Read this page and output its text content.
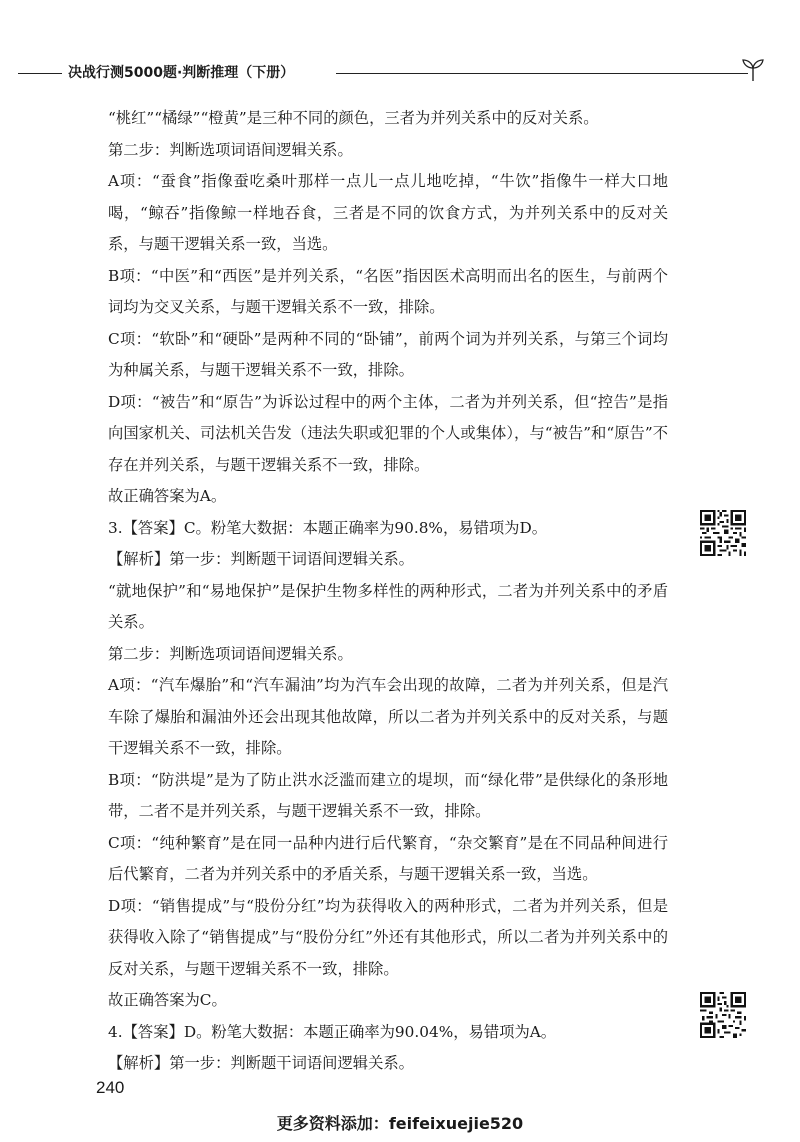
决战行测5000题·判断推理（下册）

“桃红”“橘绿”“橙黄”是三种不同的颜色，三者为并列关系中的反对关系。

第二步：判断选项词语间逻辑关系。

A项：“蚕食”指像蚕吃桑叶那样一点儿一点儿地吃掉，“牛饮”指像牛一样大口地喝，“鲸吞”指像鲸一样地吞食，三者是不同的饮食方式，为并列关系中的反对关系，与题干逻辑关系一致，当选。

B项：“中医”和“西医”是并列关系，“名医”指因医术高明而出名的医生，与前两个词均为交叉关系，与题干逻辑关系不一致，排除。

C项：“软卧”和“硬卧”是两种不同的“卧铺”，前两个词为并列关系，与第三个词均为种属关系，与题干逻辑关系不一致，排除。

D项：“被告”和“原告”为诉讼过程中的两个主体，二者为并列关系，但“控告”是指向国家机关、司法机关告发（违法失职或犯罪的个人或集体），与“被告”和“原告”不存在并列关系，与题干逻辑关系不一致，排除。

故正确答案为A。

3.【答案】C。粉笔大数据：本题正确率为90.8%，易错项为D。

【解析】第一步：判断题干词语间逻辑关系。

“就地保护”和“易地保护”是保护生物多样性的两种形式，二者为并列关系中的矛盾关系。

第二步：判断选项词语间逻辑关系。

A项：“汽车爆胎”和“汽车漏油”均为汽车会出现的故障，二者为并列关系，但是汽车除了爆胎和漏油外还会出现其他故障，所以二者为并列关系中的反对关系，与题干逻辑关系不一致，排除。

B项：“防洪堤”是为了防止洪水泛滥而建立的堤坝，而“绿化带”是供绿化的条形地带，二者不是并列关系，与题干逻辑关系不一致，排除。

C项：“纯种繁育”是在同一品种内进行后代繁育，“杂交繁育”是在不同品种间进行后代繁育，二者为并列关系中的矛盾关系，与题干逻辑关系一致，当选。

D项：“销售提成”与“股份分红”均为获得收入的两种形式，二者为并列关系，但是获得收入除了“销售提成”与“股份分红”外还有其他形式，所以二者为并列关系中的反对关系，与题干逻辑关系不一致，排除。

故正确答案为C。

4.【答案】D。粉笔大数据：本题正确率为90.04%，易错项为A。

【解析】第一步：判断题干词语间逻辑关系。

240
更多资料添加：feifeixuejie520
